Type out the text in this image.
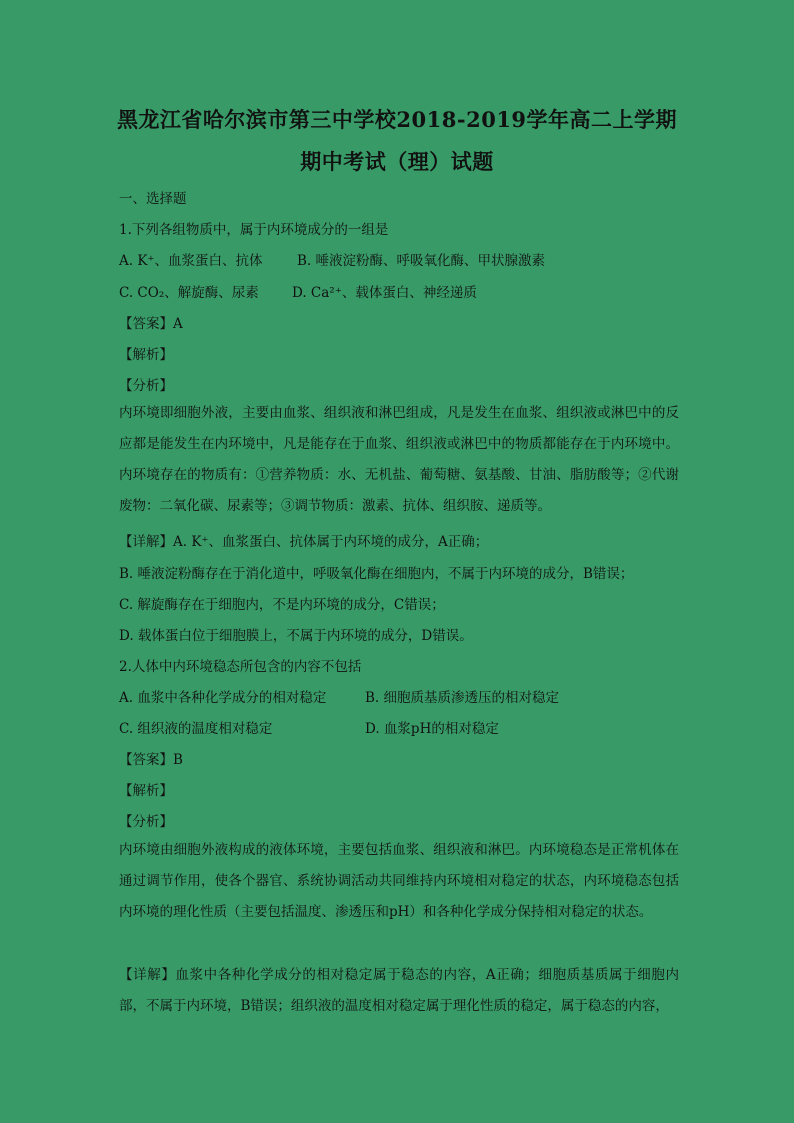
黑龙江省哈尔滨市第三中学校2018-2019学年高二上学期
期中考试（理）试题
一、选择题
1.下列各组物质中，属于内环境成分的一组是
A. K⁺、血浆蛋白、抗体	B. 唾液淀粉酶、呼吸氧化酶、甲状腺激素
C. CO₂、解旋酶、尿素 D. Ca²⁺、载体蛋白、神经递质
【答案】A
【解析】
【分析】
内环境即细胞外液，主要由血浆、组织液和淋巴组成，凡是发生在血浆、组织液或淋巴中的反应都是能发生在内环境中，凡是能存在于血浆、组织液或淋巴中的物质都能存在于内环境中。内环境存在的物质有：①营养物质：水、无机盐、葡萄糖、氨基酸、甘油、脂肪酸等；②代谢废物：二氧化碳、尿素等；③调节物质：激素、抗体、组织胺、递质等。
【详解】A. K⁺、血浆蛋白、抗体属于内环境的成分，A正确；
B. 唾液淀粉酶存在于消化道中，呼吸氧化酶在细胞内，不属于内环境的成分，B错误；
C. 解旋酶存在于细胞内，不是内环境的成分，C错误；
D. 载体蛋白位于细胞膜上，不属于内环境的成分，D错误。
2.人体中内环境稳态所包含的内容不包括
A. 血浆中各种化学成分的相对稳定	B. 细胞质基质渗透压的相对稳定
C. 组织液的温度相对稳定	D. 血浆pH的相对稳定
【答案】B
【解析】
【分析】
内环境由细胞外液构成的液体环境，主要包括血浆、组织液和淋巴。内环境稳态是正常机体在通过调节作用，使各个器官、系统协调活动共同维持内环境相对稳定的状态，内环境稳态包括内环境的理化性质（主要包括温度、渗透压和pH）和各种化学成分保持相对稳定的状态。
【详解】血浆中各种化学成分的相对稳定属于稳态的内容，A正确；细胞质基质属于细胞内部，不属于内环境，B错误；组织液的温度相对稳定属于理化性质的稳定，属于稳态的内容，
